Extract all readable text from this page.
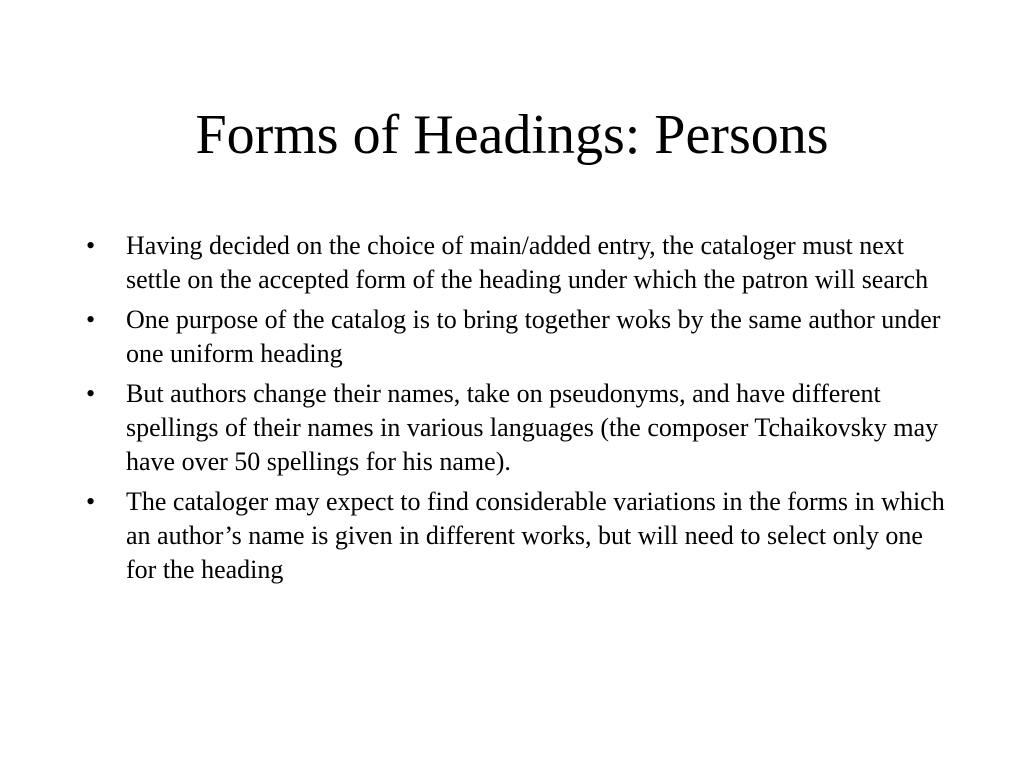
Forms of Headings: Persons
•	Having decided on the choice of main/added entry, the cataloger must next settle on the accepted form of the heading under which the patron will search
•	One purpose of the catalog is to bring together woks by the same author under one uniform heading
•	But authors change their names, take on pseudonyms, and have different spellings of their names in various languages (the composer Tchaikovsky may have over 50 spellings for his name).
•	The cataloger may expect to find considerable variations in the forms in which an author’s name is given in different works, but will need to select only one for the heading
